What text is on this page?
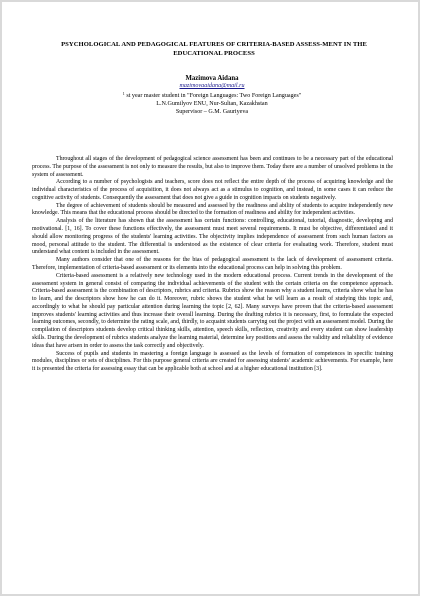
PSYCHOLOGICAL AND PEDAGOGICAL FEATURES OF CRITERIA-BASED ASSESS-MENT IN THE EDUCATIONAL PROCESS
Mazimova Aidana
mazimovaaidana@mail.ru
$^1$ st year master student in "Foreign Languages: Two Foreign Languages"
L.N.Gumilyov ENU, Nur-Sultan, Kazakhstan
Supervisor – G.M. Gauriyeva

Throughout all stages of the development of pedagogical science assessment has been and continues to be a necessary part of the educational process. The purpose of the assessment is not only to measure the results, but also to improve them. Today there are a number of unsolved problems in the system of assessment.

According to a number of psychologists and teachers, score does not reflect the entire depth of the process of acquiring knowledge and the individual characteristics of the process of acquisition, it does not always act as a stimulus to cognition, and instead, in some cases it can reduce the cognitive activity of students. Consequently the assessment that does not give a guide in cognition impacts on students negatively.

The degree of achievement of students should be measured and assessed by the readiness and ability of students to acquire independently new knowledge. This means that the educational process should be directed to the formation of readiness and ability for independent activities.

Analysis of the literature has shown that the assessment has certain functions: controlling, educational, tutorial, diagnostic, developing and motivational. [1, 16]. To cover these functions effectively, the assessment must meet several requirements. It must be objective, differentiated and it should allow monitoring progress of the students' learning activities. The objectivity implies independence of assessment from such human factors as mood, personal attitude to the student. The differential is understood as the existence of clear criteria for evaluating work. Therefore, student must understand what content is included in the assessment.

Many authors consider that one of the reasons for the bias of pedagogical assessment is the lack of development of assessment criteria. Therefore, implementation of criteria-based assessment or its elements into the educational process can help in solving this problem.

Criteria-based assessment is a relatively new technology used in the modern educational process. Current trends in the development of the assessment system in general consist of comparing the individual achievements of the student with the certain criteria on the competence approach. Criteria-based assessment is the combination of descriptors, rubrics and criteria. Rubrics show the reason why a student learns, criteria show what he has to learn, and the descriptors show how he can do it. Moreover, rubric shows the student what he will learn as a result of studying this topic and, accordingly to what he should pay particular attention during learning the topic [2, 62]. Many surveys have proven that the criteria-based assessment improves students' learning activities and thus increase their overall learning. During the drafting rubrics it is necessary, first, to formulate the expected learning outcomes, secondly, to determine the rating scale, and, thirdly, to acquaint students carrying out the project with an assessment model. During the compilation of descriptors students develop critical thinking skills, attention, speech skills, reflection, creativity and every student can show leadership skills. During the development of rubrics students analyze the learning material, determine key positions and assess the validity and reliability of evidence ideas that have arisen in order to assess the task correctly and objectively.

Success of pupils and students in mastering a foreign language is assessed as the levels of formation of competences in specific training modules, disciplines or sets of disciplines. For this purpose general criteria are created for assessing students' academic achievements. For example, here it is presented the criteria for assessing essay that can be applicable both at school and at a higher educational institution [3].
